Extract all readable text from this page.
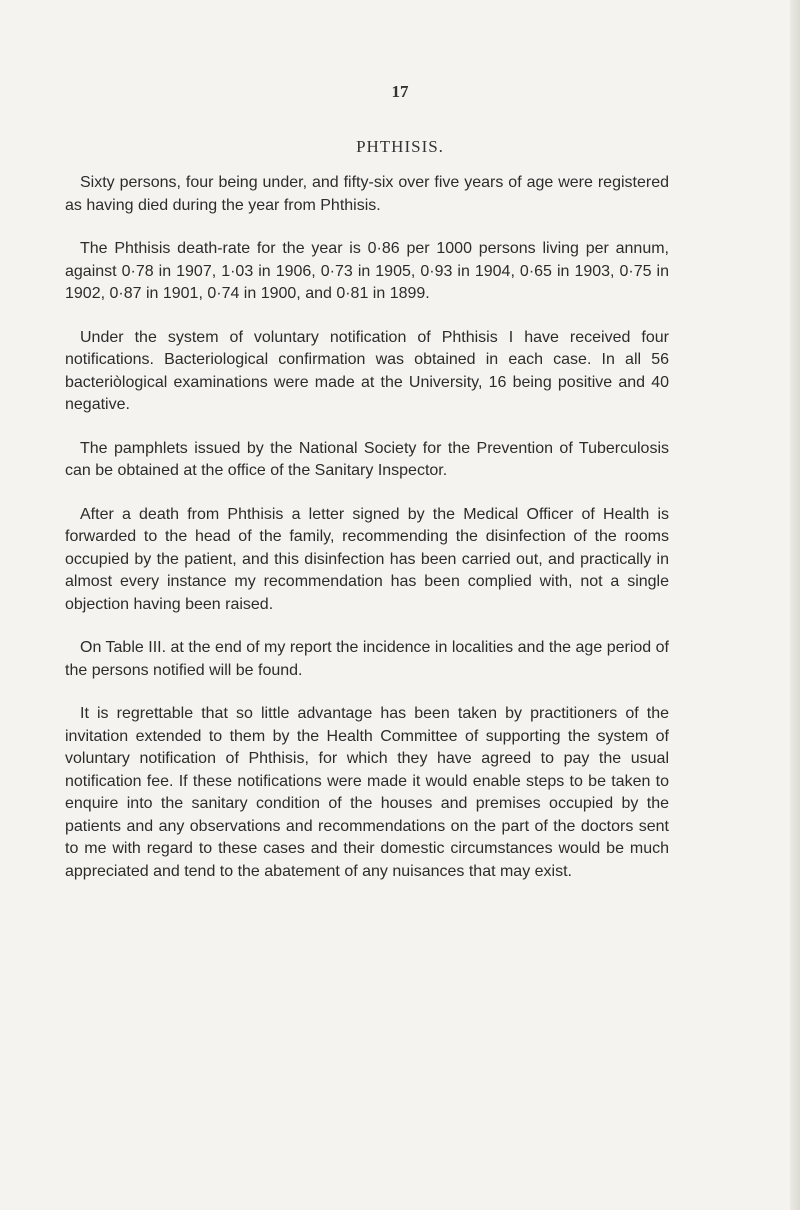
17
PHTHISIS.

Sixty persons, four being under, and fifty-six over five years of age were registered as having died during the year from Phthisis.

The Phthisis death-rate for the year is 0·86 per 1000 persons living per annum, against 0·78 in 1907, 1·03 in 1906, 0·73 in 1905, 0·93 in 1904, 0·65 in 1903, 0·75 in 1902, 0·87 in 1901, 0·74 in 1900, and 0·81 in 1899.

Under the system of voluntary notification of Phthisis I have received four notifications. Bacteriological confirmation was obtained in each case. In all 56 bacteriòlogical examinations were made at the University, 16 being positive and 40 negative.

The pamphlets issued by the National Society for the Prevention of Tuberculosis can be obtained at the office of the Sanitary Inspector.

After a death from Phthisis a letter signed by the Medical Officer of Health is forwarded to the head of the family, recommending the disinfection of the rooms occupied by the patient, and this disinfection has been carried out, and practically in almost every instance my recommendation has been complied with, not a single objection having been raised.

On Table III. at the end of my report the incidence in localities and the age period of the persons notified will be found.

It is regrettable that so little advantage has been taken by practitioners of the invitation extended to them by the Health Committee of supporting the system of voluntary notification of Phthisis, for which they have agreed to pay the usual notification fee. If these notifications were made it would enable steps to be taken to enquire into the sanitary condition of the houses and premises occupied by the patients and any observations and recommendations on the part of the doctors sent to me with regard to these cases and their domestic circumstances would be much appreciated and tend to the abatement of any nuisances that may exist.
